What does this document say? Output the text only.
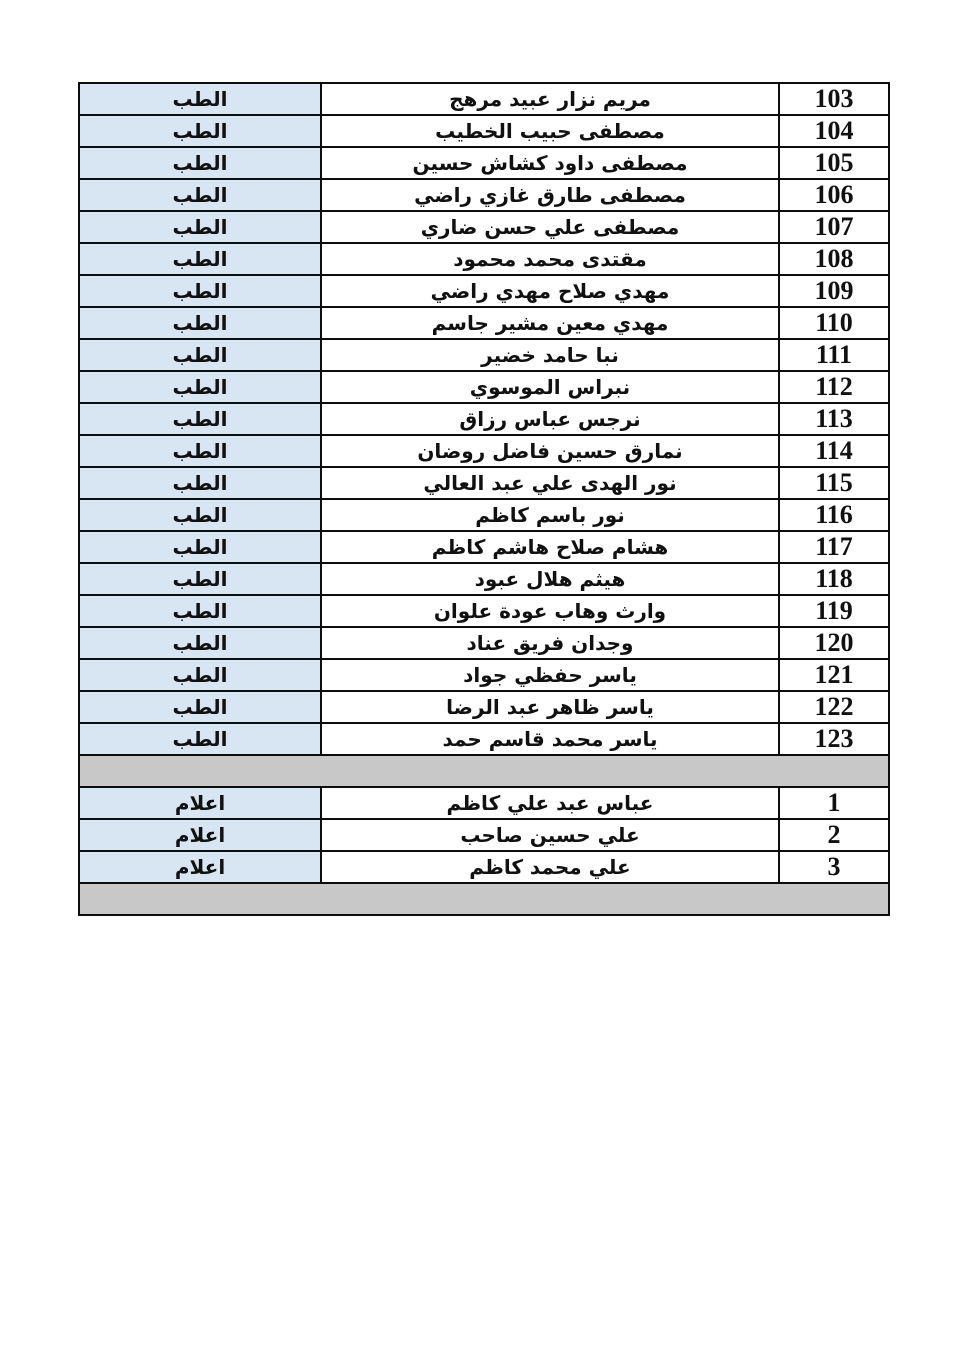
103	مريم نزار عبيد مرهج	الطب
104	مصطفى حبيب الخطيب	الطب
105	مصطفى داود كشاش حسين	الطب
106	مصطفى طارق غازي راضي	الطب
107	مصطفى علي حسن ضاري	الطب
108	مقتدى محمد محمود	الطب
109	مهدي صلاح مهدي راضي	الطب
110	مهدي معين مشير جاسم	الطب
111	نبا حامد خضير	الطب
112	نبراس الموسوي	الطب
113	نرجس عباس رزاق	الطب
114	نمارق حسين فاضل روضان	الطب
115	نور الهدى علي عبد العالي	الطب
116	نور باسم كاظم	الطب
117	هشام صلاح هاشم كاظم	الطب
118	هيثم هلال عبود	الطب
119	وارث وهاب عودة علوان	الطب
120	وجدان فريق عناد	الطب
121	ياسر حفظي جواد	الطب
122	ياسر ظاهر عبد الرضا	الطب
123	ياسر محمد قاسم حمد	الطب

1	عباس عبد علي كاظم	اعلام
2	علي حسين صاحب	اعلام
3	علي محمد كاظم	اعلام
